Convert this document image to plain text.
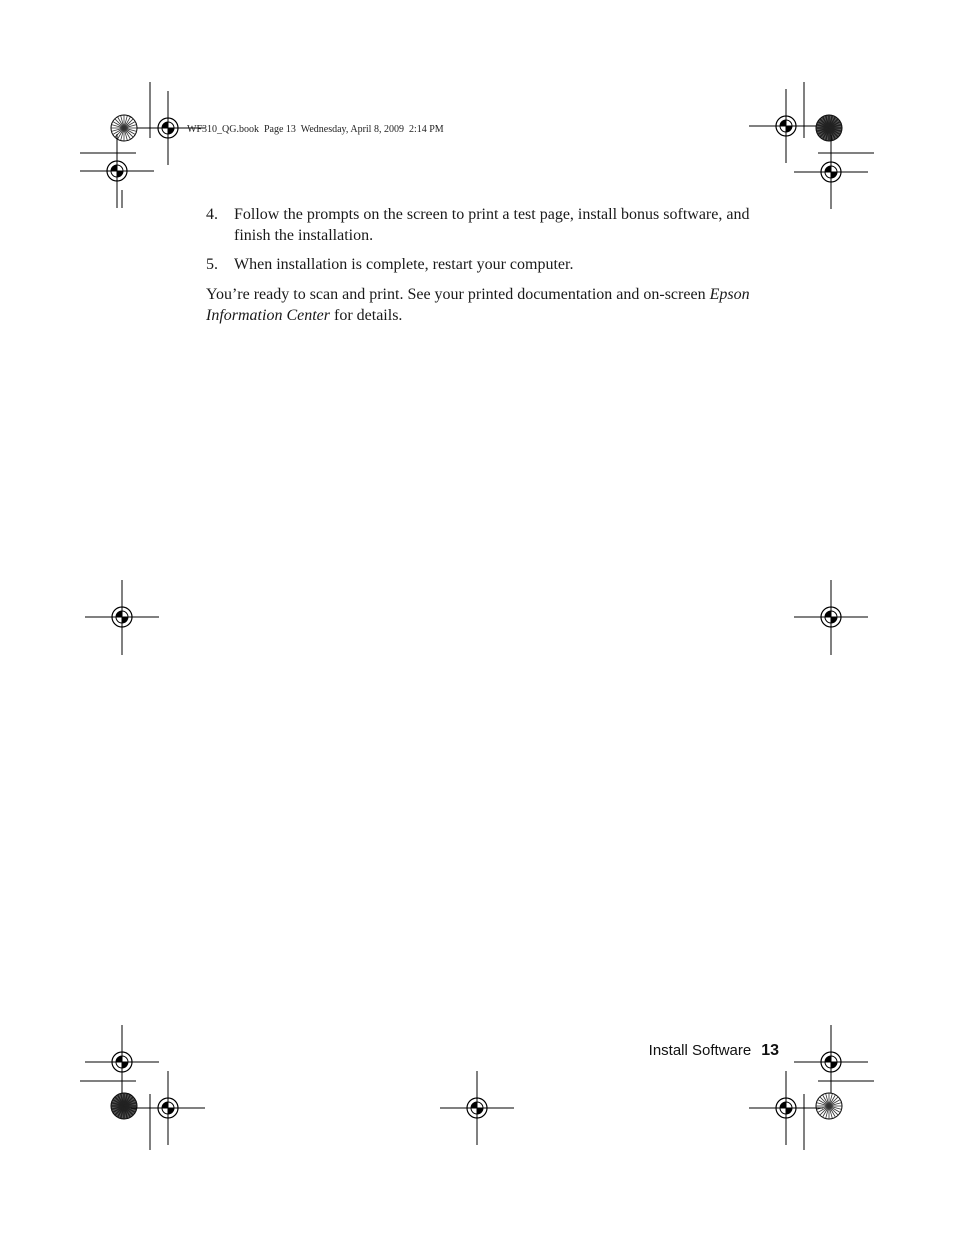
WF310_QG.book  Page 13  Wednesday, April 8, 2009  2:14 PM
4. Follow the prompts on the screen to print a test page, install bonus software, and finish the installation.
5. When installation is complete, restart your computer.

You’re ready to scan and print. See your printed documentation and on-screen Epson Information Center for details.

Install Software 13
